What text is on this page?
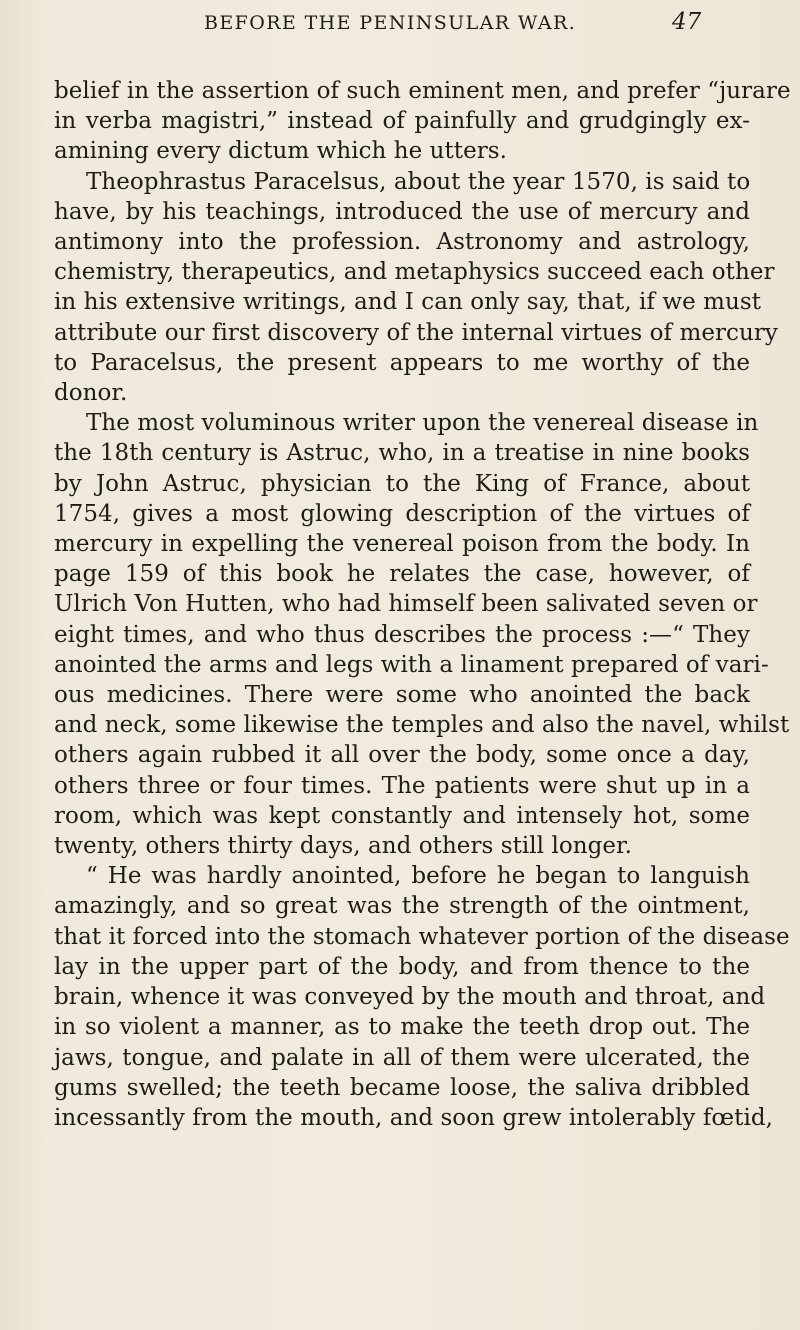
BEFORE THE PENINSULAR WAR.	47

belief in the assertion of such eminent men, and prefer “jurare
in verba magistri,” instead of painfully and grudgingly ex-
amining every dictum which he utters.

Theophrastus Paracelsus, about the year 1570, is said to
have, by his teachings, introduced the use of mercury and
antimony into the profession. Astronomy and astrology,
chemistry, therapeutics, and metaphysics succeed each other
in his extensive writings, and I can only say, that, if we must
attribute our first discovery of the internal virtues of mercury
to Paracelsus, the present appears to me worthy of the
donor.

The most voluminous writer upon the venereal disease in
the 18th century is Astruc, who, in a treatise in nine books
by John Astruc, physician to the King of France, about
1754, gives a most glowing description of the virtues of
mercury in expelling the venereal poison from the body. In
page 159 of this book he relates the case, however, of
Ulrich Von Hutten, who had himself been salivated seven or
eight times, and who thus describes the process :—“ They
anointed the arms and legs with a linament prepared of vari-
ous medicines. There were some who anointed the back
and neck, some likewise the temples and also the navel, whilst
others again rubbed it all over the body, some once a day,
others three or four times. The patients were shut up in a
room, which was kept constantly and intensely hot, some
twenty, others thirty days, and others still longer.

“ He was hardly anointed, before he began to languish
amazingly, and so great was the strength of the ointment,
that it forced into the stomach whatever portion of the disease
lay in the upper part of the body, and from thence to the
brain, whence it was conveyed by the mouth and throat, and
in so violent a manner, as to make the teeth drop out. The
jaws, tongue, and palate in all of them were ulcerated, the
gums swelled; the teeth became loose, the saliva dribbled
incessantly from the mouth, and soon grew intolerably fœtid,
